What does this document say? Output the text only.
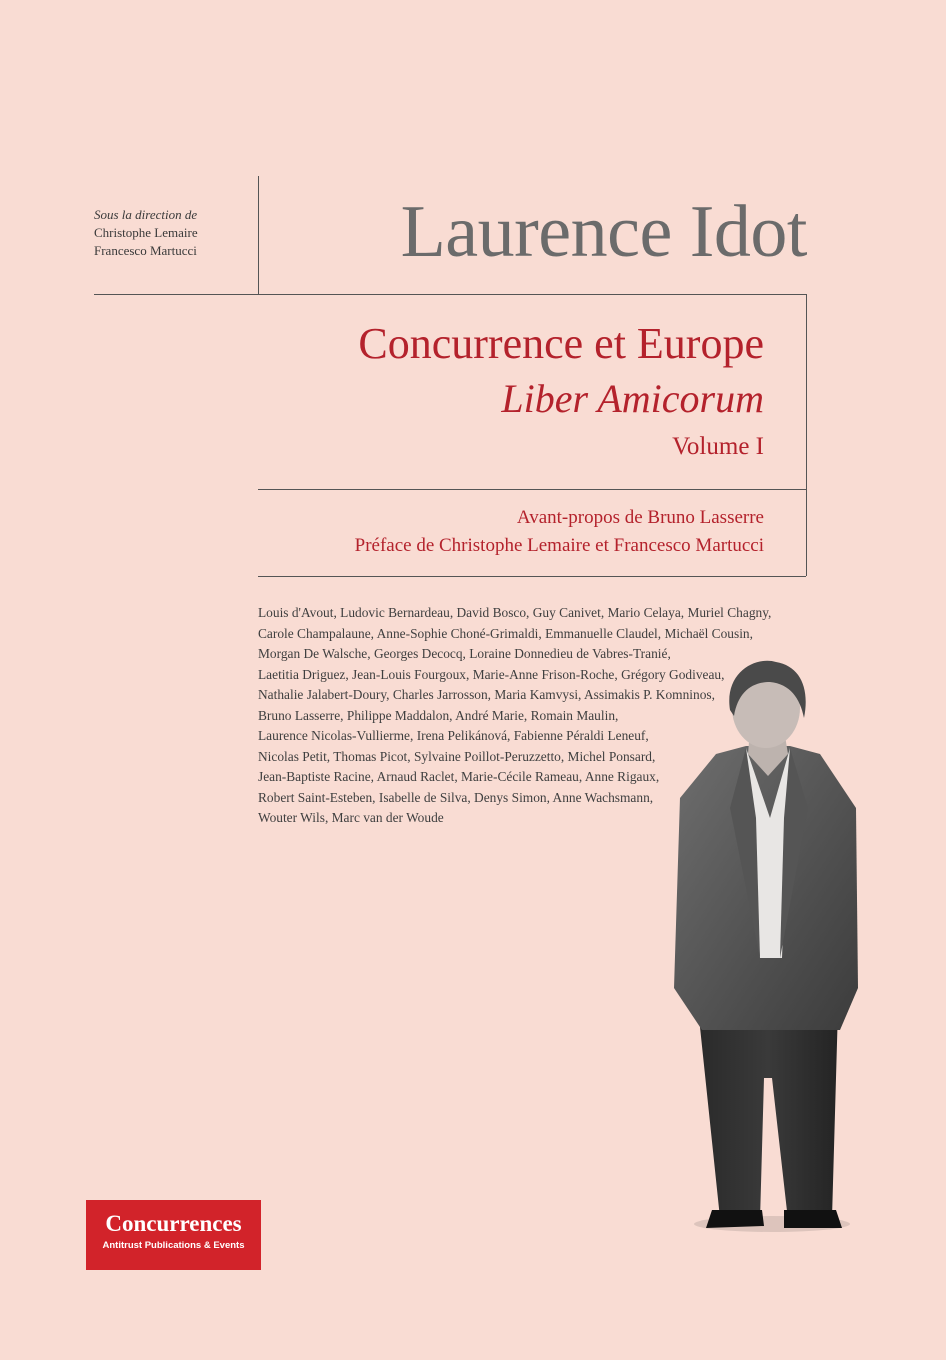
Sous la direction de
Christophe Lemaire
Francesco Martucci	Laurence Idot
Concurrence et Europe
Liber Amicorum
Volume I
Avant-propos de Bruno Lasserre
Préface de Christophe Lemaire et Francesco Martucci
Louis d'Avout, Ludovic Bernardeau, David Bosco, Guy Canivet, Mario Celaya, Muriel Chagny,
Carole Champalaune, Anne-Sophie Choné-Grimaldi, Emmanuelle Claudel, Michaël Cousin,
Morgan De Walsche, Georges Decocq, Loraine Donnedieu de Vabres-Tranié,
Laetitia Driguez, Jean-Louis Fourgoux, Marie-Anne Frison-Roche, Grégory Godiveau,
Nathalie Jalabert-Doury, Charles Jarrosson, Maria Kamvysi, Assimakis P. Komninos,
Bruno Lasserre, Philippe Maddalon, André Marie, Romain Maulin,
Laurence Nicolas-Vullierme, Irena Pelikánová, Fabienne Péraldi Leneuf,
Nicolas Petit, Thomas Picot, Sylvaine Poillot-Peruzzetto, Michel Ponsard,
Jean-Baptiste Racine, Arnaud Raclet, Marie-Cécile Rameau, Anne Rigaux,
Robert Saint-Esteben, Isabelle de Silva, Denys Simon, Anne Wachsmann,
Wouter Wils, Marc van der Woude
Concurrences
Antitrust Publications & Events
